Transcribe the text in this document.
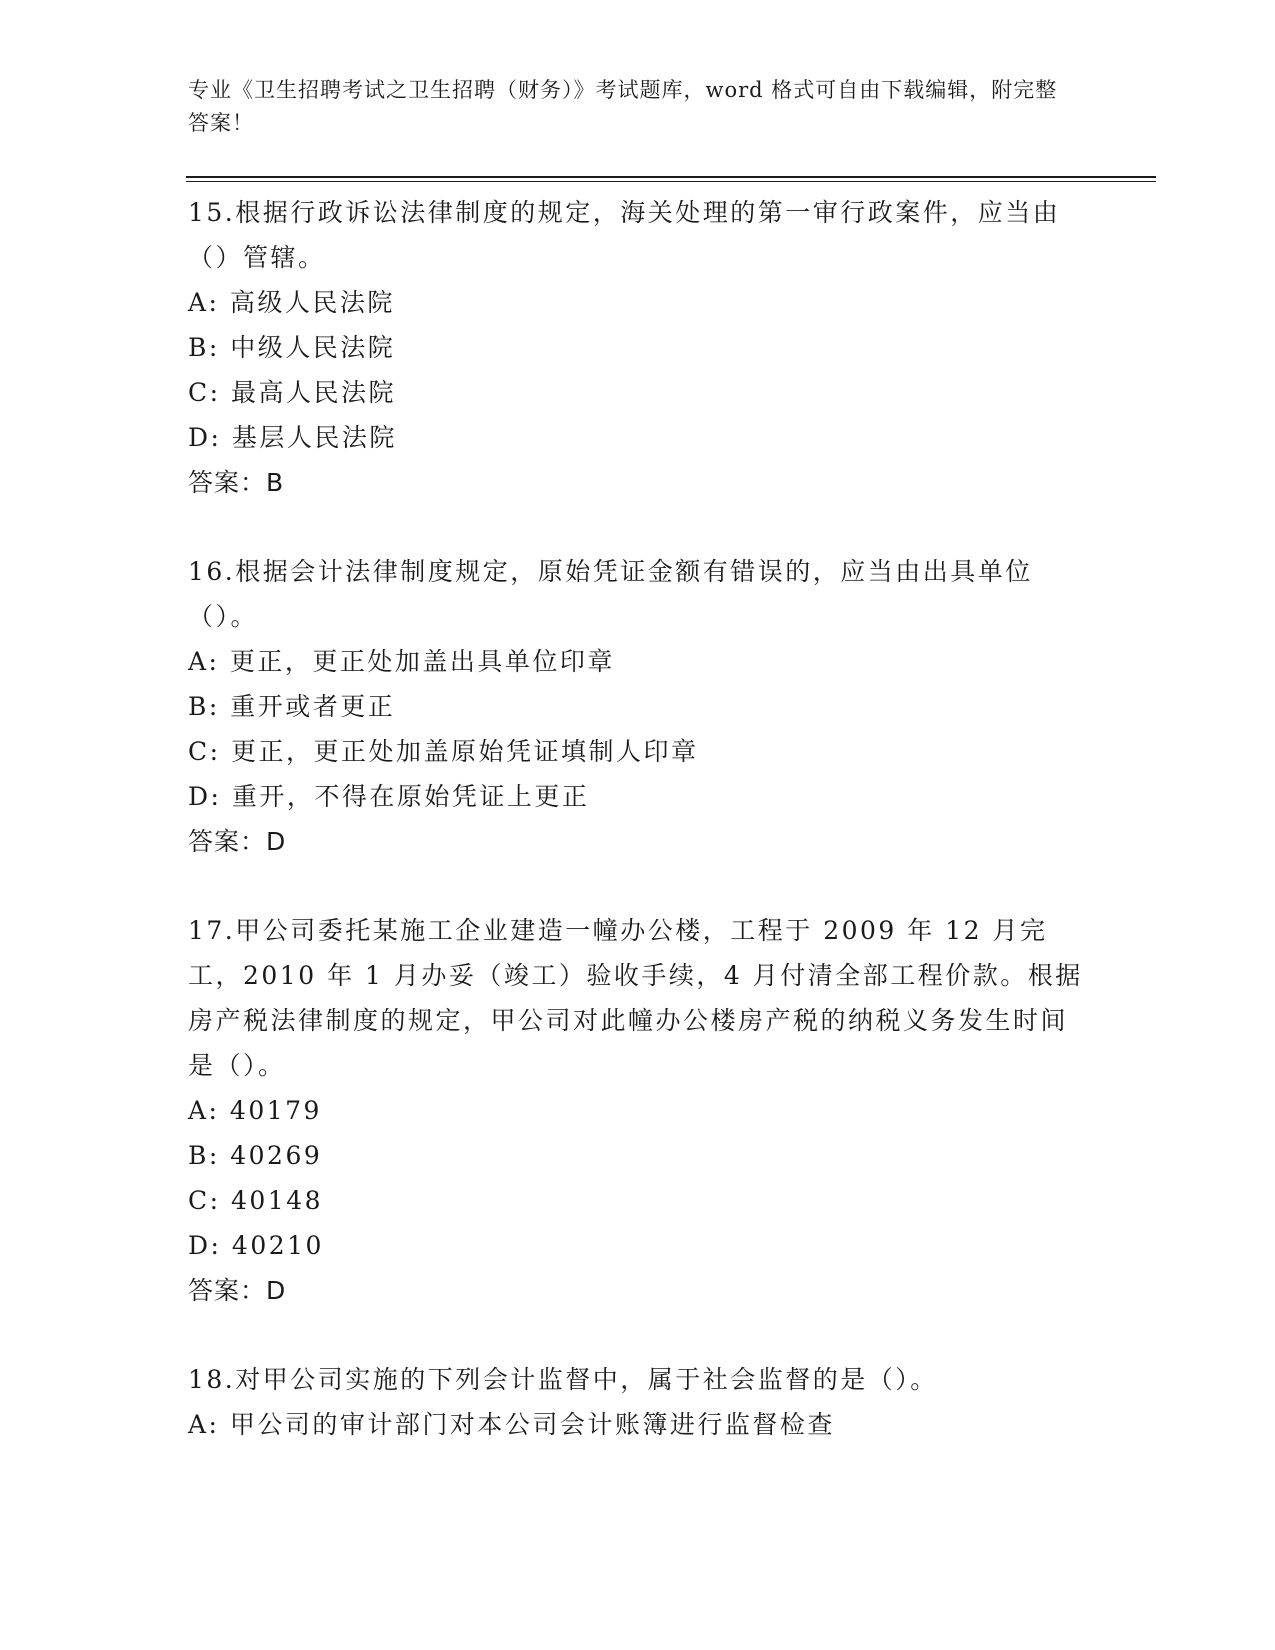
专业《卫生招聘考试之卫生招聘（财务）》考试题库，word 格式可自由下载编辑，附完整答案！
15.根据行政诉讼法律制度的规定，海关处理的第一审行政案件，应当由（）管辖。
A: 高级人民法院
B: 中级人民法院
C: 最高人民法院
D: 基层人民法院
答案：B
16.根据会计法律制度规定，原始凭证金额有错误的，应当由出具单位（）。
A: 更正，更正处加盖出具单位印章
B: 重开或者更正
C: 更正，更正处加盖原始凭证填制人印章
D: 重开，不得在原始凭证上更正
答案：D
17.甲公司委托某施工企业建造一幢办公楼，工程于 2009 年 12 月完工，2010 年 1 月办妥（竣工）验收手续，4 月付清全部工程价款。根据房产税法律制度的规定，甲公司对此幢办公楼房产税的纳税义务发生时间是（）。
A: 40179
B: 40269
C: 40148
D: 40210
答案：D
18.对甲公司实施的下列会计监督中，属于社会监督的是（）。
A: 甲公司的审计部门对本公司会计账簿进行监督检查
